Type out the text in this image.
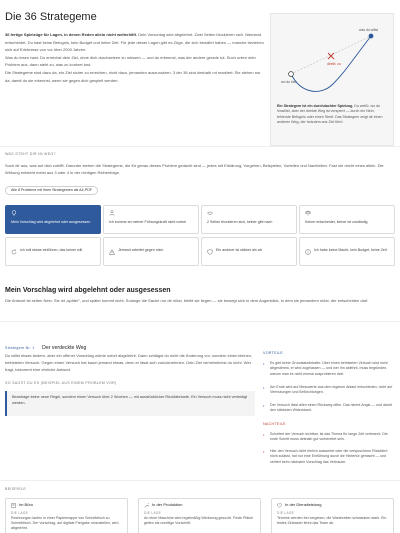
Die 36 Strategeme

36 fertige Spielzüge für Lagen, in denen Reden allein nicht weiterhilft. Dein Vorschlag wird abgelehnt. Zwei Seiten blockieren sich. Niemand entscheidet. Du hast keine Befugnis, kein Budget und keine Zeit. Für jede dieser Lagen gibt es Züge, die zich bewährt haben — manche beziehen sich auf Erlebnisse von vor über 2000 Jahren.

Was du lesen hast: Du erreichst dein Ziel, ohne dich durchsetzen zu müssen — und du erkennst, was der andere gerade tut. Such unten dein Problem aus, dann steht zu, was zu konkret tust.

Die Strategeme sind dazu da, ein Ziel sicher zu erreichen, nicht dazu, jemanden auszunutzen. 3 der 36 sind deshalb rot markiert: Sie stehen nur da, damit du sie erkennst, wenn sie gegen dich gespielt werden.	wo du bist
was du willst
direkt: zu
Ein Strategem ist ein durchdachter Spielzug. Du weißt, wo du hinwillst, aber der direkte Weg ist versperrt — durch ein Nein, fehlende Befugnis oder einen Streit. Das Strategem zeigt dir einen anderen Weg, der trotzdem ans Ziel führt.
WAS STEHT DIR IM WEG?
Such dir aus, was auf dich zutrifft. Darunter stehen die Strategeme, die für genau dieses Problem gedacht sind — jedes mit Erklärung, Vorgehen, Beispielen, Vorteilen und Nachteilen. Fast nie reicht eines allein. Die Wirkung entsteht meist aus 3 oder 4 in der richtigen Reihenfolge.
Alle 8 Probleme mit ihren Strategemen als A4-PDF
Mein Vorschlag wird abgelehnt oder ausgesessen	Ich komme an meiner Führungskraft nicht vorbei	2 Seiten blockieren sich, keiner gibt nach	Keiner entscheidet, keiner ist zuständig
Ich soll etwas einführen, das keiner will	Jemand arbeitet gegen mich	Ein anderer ist stärker als wir	Ich habe keine Macht, kein Budget, keine Zeit
Mein Vorschlag wird abgelehnt oder ausgesessen
Die Antwort ist selten Nein. Sie ist „später", und später kommt nicht. Solange die Sache nur dir nützt, bleibt sie liegen — sie bewegt sich in dem Augenblick, in dem sie jemandem nützt, der entscheiden darf.
Strategem Nr. 1 Der verdeckte Weg
Du willst etwas ändern, aber ein offener Vorschlag würde sofort abgelehnt. Dann schlägst du nicht die Änderung vor, sondern einen kleinen, befristeten Versuch. Gegen einen Versuch hat kaum jemand etwas, denn er lässt sich zurücknehmen. Dein Ziel verheimlichst du nicht. Wer fragt, bekommt eine ehrliche Antwort.
SO SAGST DU ES (BEISPIEL AUS EINEM PROBLEM VOR)
Beantrage keine neue Regel, sondern einen Versuch über 2 Wochen — mit ausdrücklicher Rückfahrkarte. Ein Versuch muss nicht verteidigt werden.
VORTEILE
• Es gibt keine Grundsatzdebatte: Über einen befristeten Versuch wird nicht abgestimmt, er wird zugelassen — und wer ihn ablehnt, muss begründen, warum man es nicht einmal ausprobieren darf.
• Am Ende wird auf Messwerte aus dem eigenen Ablauf entschieden, nicht auf Vermutungen und Befürchtungen.
• Der Versuch lässt allen einen Rückweg offen. Das nimmt Angst — und damit den stärksten Widerstand.
NACHTEILE
• Scheitert der Versuch sichtbar, ist das Thema für lange Zeit verbrannt. Die erste Schritt muss deshalb gut vorbereitet sein.
• Hier den Versuch nicht ehrlich auswertet oder die versprochene Rückfahrt nicht zulässt, hat nur eine Einführung durch die Hintertür gemacht — und verliert beim nächsten Vorschlag das Vertrauen.
BEISPIELE
Im Büro
DIE LAGE
Rechnungen laufen in einer Papiermappe von Schreibtisch zu Schreibtisch. Der Vorschlag, auf digitale Freigabe umzustellen, wird abgelehnt.
In der Produktion
DIE LAGE
An einer Maschine wird regelmäßig Werkzeug gesucht. Feste Plätze gelten als unnötige Vorschrift.
In der Dienstleistung
DIE LAGE
Termine werden frei vergeben, die Wartezeiten schwanken stark. Ein festes Zeitraster lehnt das Team ab.
